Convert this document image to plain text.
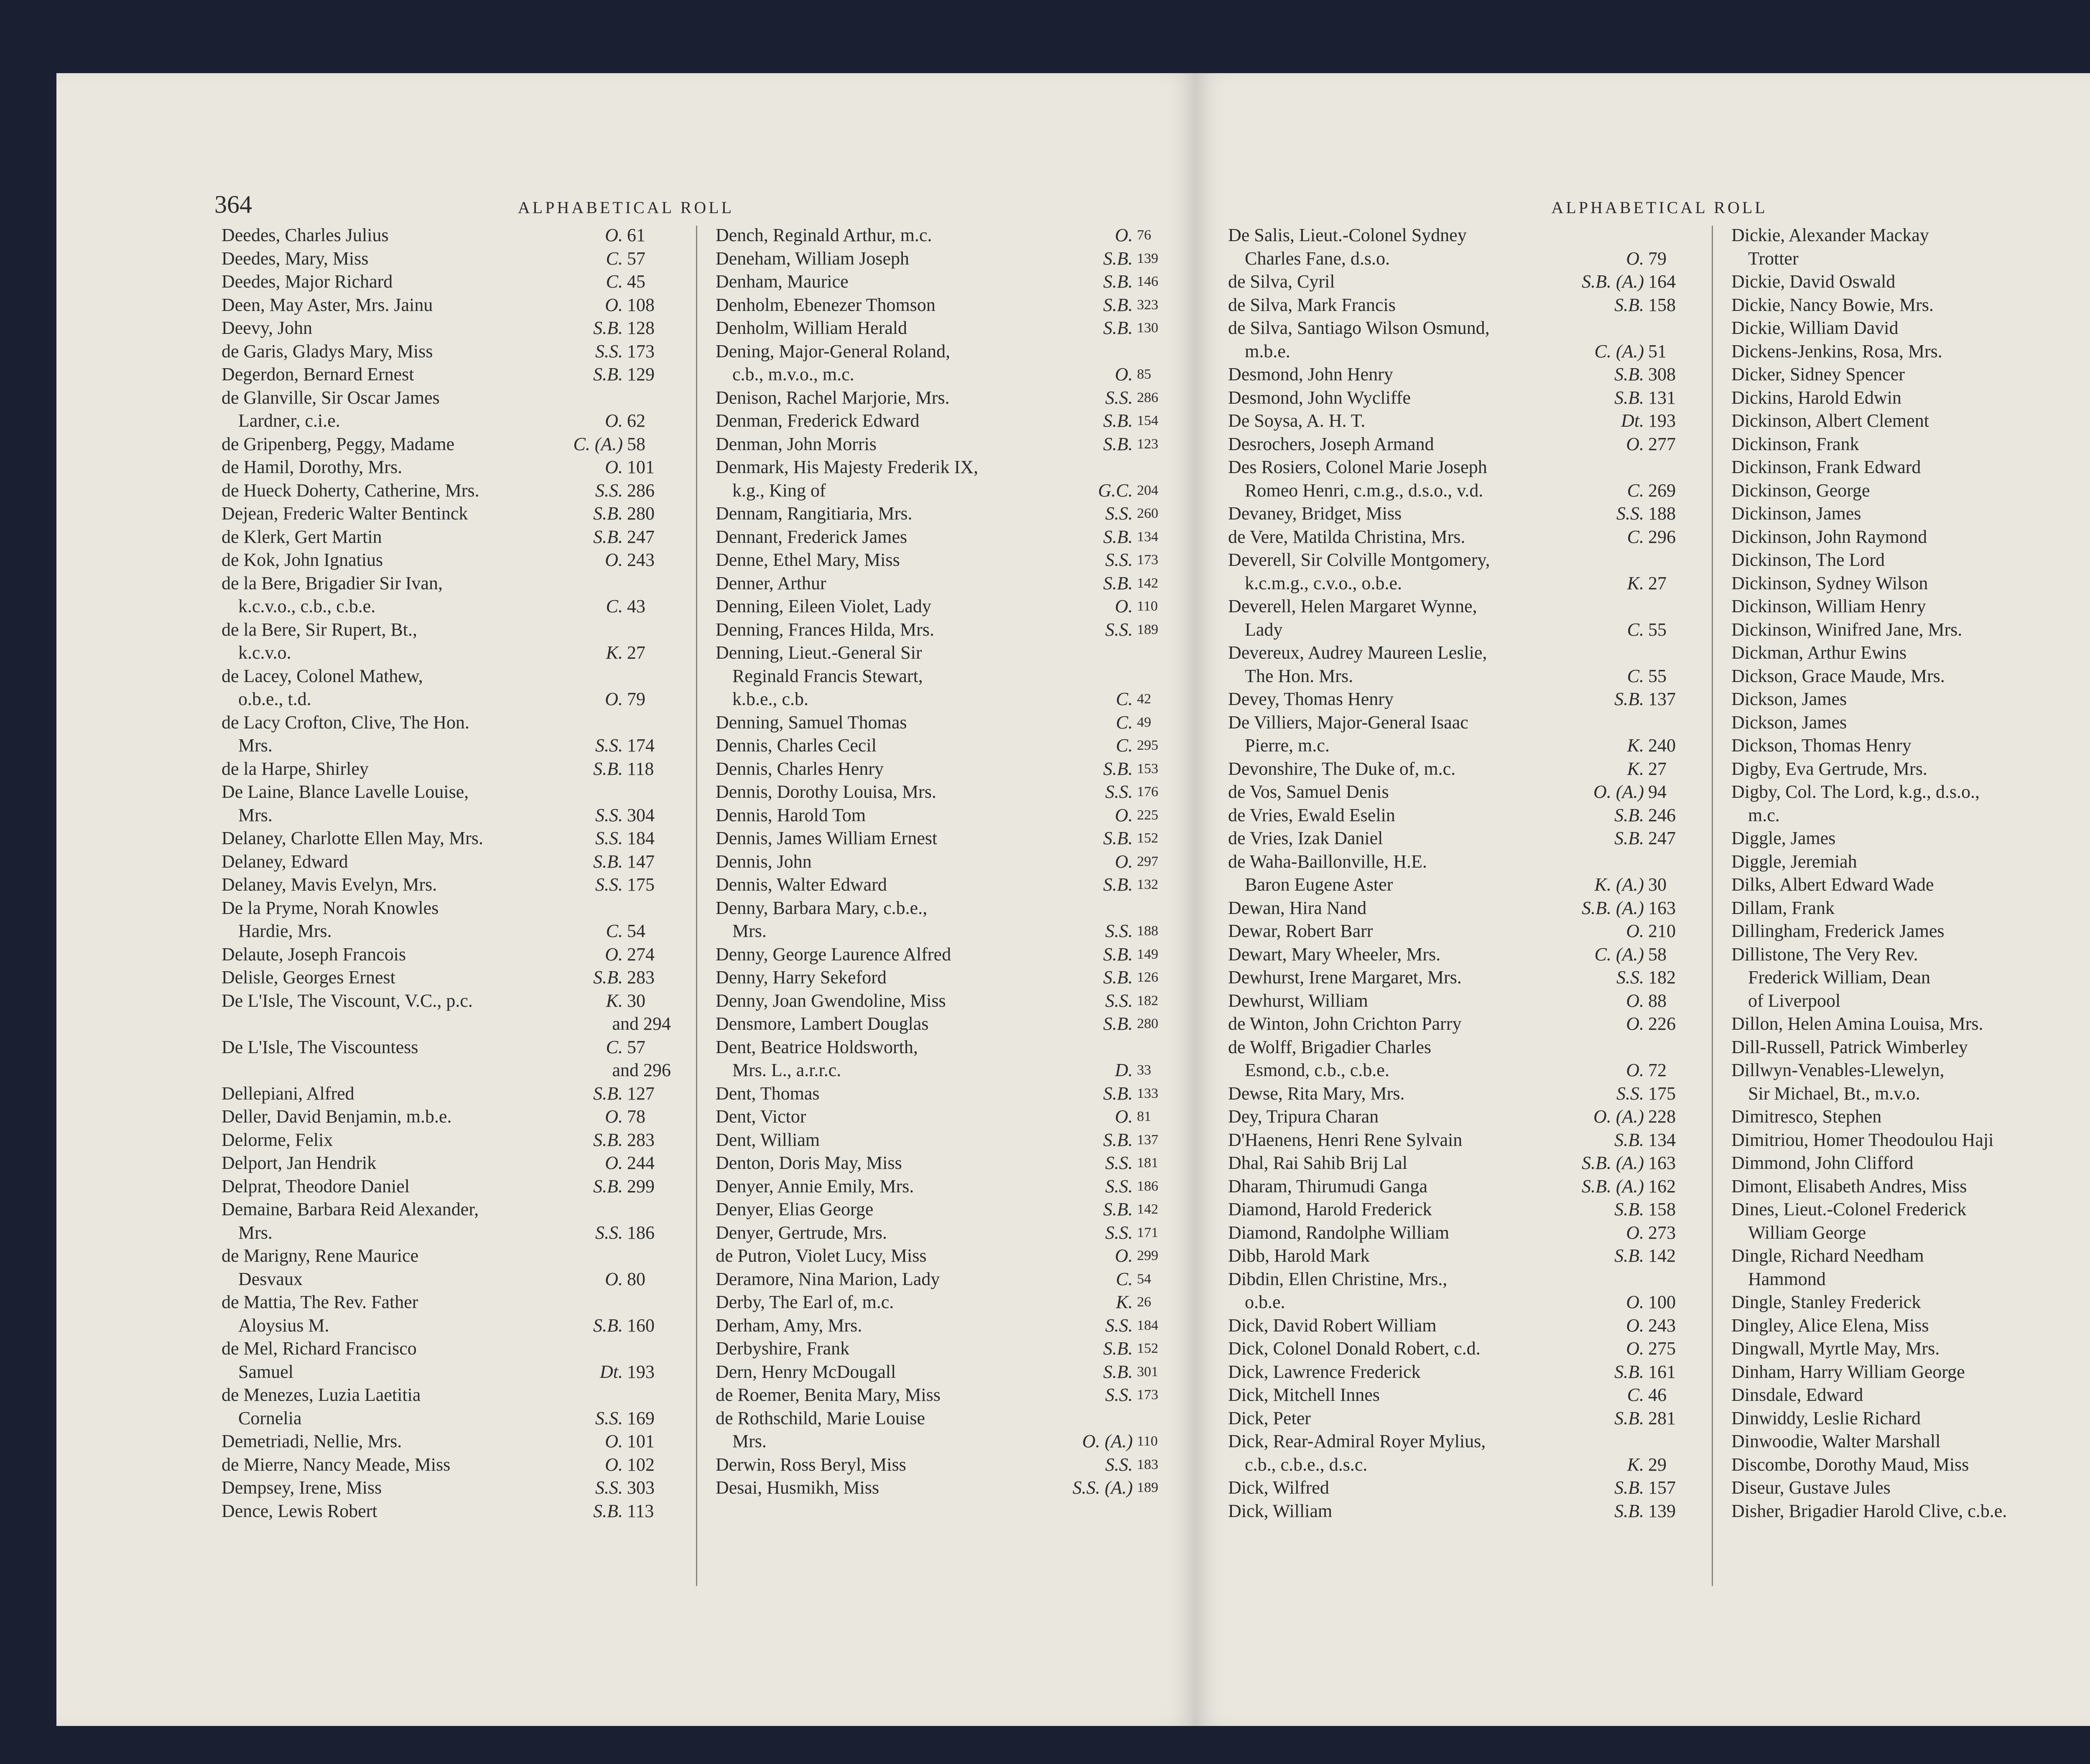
364	ALPHABETICAL ROLL
Deedes, Charles Julius	O. 61
Deedes, Mary, Miss	C. 57
Deedes, Major Richard	C. 45
Deen, May Aster, Mrs. Jainu	O. 108
Deevy, John	S.B. 128
de Garis, Gladys Mary, Miss	S.S. 173
Degerdon, Bernard Ernest	S.B. 129
de Glanville, Sir Oscar James
Lardner, c.i.e.	O. 62
de Gripenberg, Peggy, Madame	C. (A.) 58
de Hamil, Dorothy, Mrs.	O. 101
de Hueck Doherty, Catherine, Mrs.	S.S. 286
Dejean, Frederic Walter Bentinck	S.B. 280
de Klerk, Gert Martin	S.B. 247
de Kok, John Ignatius	O. 243
de la Bere, Brigadier Sir Ivan,
k.c.v.o., c.b., c.b.e.	C. 43
de la Bere, Sir Rupert, Bt.,
k.c.v.o.	K. 27
de Lacey, Colonel Mathew,
o.b.e., t.d.	O. 79
de Lacy Crofton, Clive, The Hon.
Mrs.	S.S. 174
de la Harpe, Shirley	S.B. 118
De Laine, Blance Lavelle Louise,
Mrs.	S.S. 304
Delaney, Charlotte Ellen May, Mrs.	S.S. 184
Delaney, Edward	S.B. 147
Delaney, Mavis Evelyn, Mrs.	S.S. 175
De la Pryme, Norah Knowles
Hardie, Mrs.	C. 54
Delaute, Joseph Francois	O. 274
Delisle, Georges Ernest	S.B. 283
De L'Isle, The Viscount, V.C., p.c.	K. 30
and 294
De L'Isle, The Viscountess	C. 57
and 296
Dellepiani, Alfred	S.B. 127
Deller, David Benjamin, m.b.e.	O. 78
Delorme, Felix	S.B. 283
Delport, Jan Hendrik	O. 244
Delprat, Theodore Daniel	S.B. 299
Demaine, Barbara Reid Alexander,
Mrs.	S.S. 186
de Marigny, Rene Maurice
Desvaux	O. 80
de Mattia, The Rev. Father
Aloysius M.	S.B. 160
de Mel, Richard Francisco
Samuel	Dt. 193
de Menezes, Luzia Laetitia
Cornelia	S.S. 169
Demetriadi, Nellie, Mrs.	O. 101
de Mierre, Nancy Meade, Miss	O. 102
Dempsey, Irene, Miss	S.S. 303
Dence, Lewis Robert	S.B. 113
Dench, Reginald Arthur, m.c.	O. 76
Deneham, William Joseph	S.B. 139
Denham, Maurice	S.B. 146
Denholm, Ebenezer Thomson	S.B. 323
Denholm, William Herald	S.B. 130
Dening, Major-General Roland,
c.b., m.v.o., m.c.	O. 85
Denison, Rachel Marjorie, Mrs.	S.S. 286
Denman, Frederick Edward	S.B. 154
Denman, John Morris	S.B. 123
Denmark, His Majesty Frederik IX,
k.g., King of	G.C. 204
Dennam, Rangitiaria, Mrs.	S.S. 260
Dennant, Frederick James	S.B. 134
Denne, Ethel Mary, Miss	S.S. 173
Denner, Arthur	S.B. 142
Denning, Eileen Violet, Lady	O. 110
Denning, Frances Hilda, Mrs.	S.S. 189
Denning, Lieut.-General Sir
Reginald Francis Stewart,
k.b.e., c.b.	C. 42
Denning, Samuel Thomas	C. 49
Dennis, Charles Cecil	C. 295
Dennis, Charles Henry	S.B. 153
Dennis, Dorothy Louisa, Mrs.	S.S. 176
Dennis, Harold Tom	O. 225
Dennis, James William Ernest	S.B. 152
Dennis, John	O. 297
Dennis, Walter Edward	S.B. 132
Denny, Barbara Mary, c.b.e.,
Mrs.	S.S. 188
Denny, George Laurence Alfred	S.B. 149
Denny, Harry Sekeford	S.B. 126
Denny, Joan Gwendoline, Miss	S.S. 182
Densmore, Lambert Douglas	S.B. 280
Dent, Beatrice Holdsworth,
Mrs. L., a.r.r.c.	D. 33
Dent, Thomas	S.B. 133
Dent, Victor	O. 81
Dent, William	S.B. 137
Denton, Doris May, Miss	S.S. 181
Denyer, Annie Emily, Mrs.	S.S. 186
Denyer, Elias George	S.B. 142
Denyer, Gertrude, Mrs.	S.S. 171
de Putron, Violet Lucy, Miss	O. 299
Deramore, Nina Marion, Lady	C. 54
Derby, The Earl of, m.c.	K. 26
Derham, Amy, Mrs.	S.S. 184
Derbyshire, Frank	S.B. 152
Dern, Henry McDougall	S.B. 301
de Roemer, Benita Mary, Miss	S.S. 173
de Rothschild, Marie Louise
Mrs.	O. (A.) 110
Derwin, Ross Beryl, Miss	S.S. 183
Desai, Husmikh, Miss	S.S. (A.) 189
ALPHABETICAL ROLL
De Salis, Lieut.-Colonel Sydney
Charles Fane, d.s.o.	O. 79
de Silva, Cyril	S.B. (A.) 164
de Silva, Mark Francis	S.B. 158
de Silva, Santiago Wilson Osmund,
m.b.e.	C. (A.) 51
Desmond, John Henry	S.B. 308
Desmond, John Wycliffe	S.B. 131
De Soysa, A. H. T.	Dt. 193
Desrochers, Joseph Armand	O. 277
Des Rosiers, Colonel Marie Joseph
Romeo Henri, c.m.g., d.s.o., v.d.	C. 269
Devaney, Bridget, Miss	S.S. 188
de Vere, Matilda Christina, Mrs.	C. 296
Deverell, Sir Colville Montgomery,
k.c.m.g., c.v.o., o.b.e.	K. 27
Deverell, Helen Margaret Wynne,
Lady	C. 55
Devereux, Audrey Maureen Leslie,
The Hon. Mrs.	C. 55
Devey, Thomas Henry	S.B. 137
De Villiers, Major-General Isaac
Pierre, m.c.	K. 240
Devonshire, The Duke of, m.c.	K. 27
de Vos, Samuel Denis	O. (A.) 94
de Vries, Ewald Eselin	S.B. 246
de Vries, Izak Daniel	S.B. 247
de Waha-Baillonville, H.E.
Baron Eugene Aster	K. (A.) 30
Dewan, Hira Nand	S.B. (A.) 163
Dewar, Robert Barr	O. 210
Dewart, Mary Wheeler, Mrs.	C. (A.) 58
Dewhurst, Irene Margaret, Mrs.	S.S. 182
Dewhurst, William	O. 88
de Winton, John Crichton Parry	O. 226
de Wolff, Brigadier Charles
Esmond, c.b., c.b.e.	O. 72
Dewse, Rita Mary, Mrs.	S.S. 175
Dey, Tripura Charan	O. (A.) 228
D'Haenens, Henri Rene Sylvain	S.B. 134
Dhal, Rai Sahib Brij Lal	S.B. (A.) 163
Dharam, Thirumudi Ganga	S.B. (A.) 162
Diamond, Harold Frederick	S.B. 158
Diamond, Randolphe William	O. 273
Dibb, Harold Mark	S.B. 142
Dibdin, Ellen Christine, Mrs.,
o.b.e.	O. 100
Dick, David Robert William	O. 243
Dick, Colonel Donald Robert, c.d.	O. 275
Dick, Lawrence Frederick	S.B. 161
Dick, Mitchell Innes	C. 46
Dick, Peter	S.B. 281
Dick, Rear-Admiral Royer Mylius,
c.b., c.b.e., d.s.c.	K. 29
Dick, Wilfred	S.B. 157
Dick, William	S.B. 139
Dickie, Alexander Mackay
Trotter
Dickie, David Oswald
Dickie, Nancy Bowie, Mrs.
Dickie, William David
Dickens-Jenkins, Rosa, Mrs.
Dicker, Sidney Spencer
Dickins, Harold Edwin
Dickinson, Albert Clement
Dickinson, Frank
Dickinson, Frank Edward
Dickinson, George
Dickinson, James
Dickinson, John Raymond
Dickinson, The Lord
Dickinson, Sydney Wilson
Dickinson, William Henry
Dickinson, Winifred Jane, Mrs.
Dickman, Arthur Ewins
Dickson, Grace Maude, Mrs.
Dickson, James
Dickson, James
Dickson, Thomas Henry
Digby, Eva Gertrude, Mrs.
Digby, Col. The Lord, k.g., d.s.o.,
m.c.
Diggle, James
Diggle, Jeremiah
Dilks, Albert Edward Wade
Dillam, Frank
Dillingham, Frederick James
Dillistone, The Very Rev.
Frederick William, Dean
of Liverpool
Dillon, Helen Amina Louisa, Mrs.
Dill-Russell, Patrick Wimberley
Dillwyn-Venables-Llewelyn,
Sir Michael, Bt., m.v.o.
Dimitresco, Stephen
Dimitriou, Homer Theodoulou Haji
Dimmond, John Clifford
Dimont, Elisabeth Andres, Miss
Dines, Lieut.-Colonel Frederick
William George
Dingle, Richard Needham
Hammond
Dingle, Stanley Frederick
Dingley, Alice Elena, Miss
Dingwall, Myrtle May, Mrs.
Dinham, Harry William George
Dinsdale, Edward
Dinwiddy, Leslie Richard
Dinwoodie, Walter Marshall
Discombe, Dorothy Maud, Miss
Diseur, Gustave Jules
Disher, Brigadier Harold Clive, c.b.e.
